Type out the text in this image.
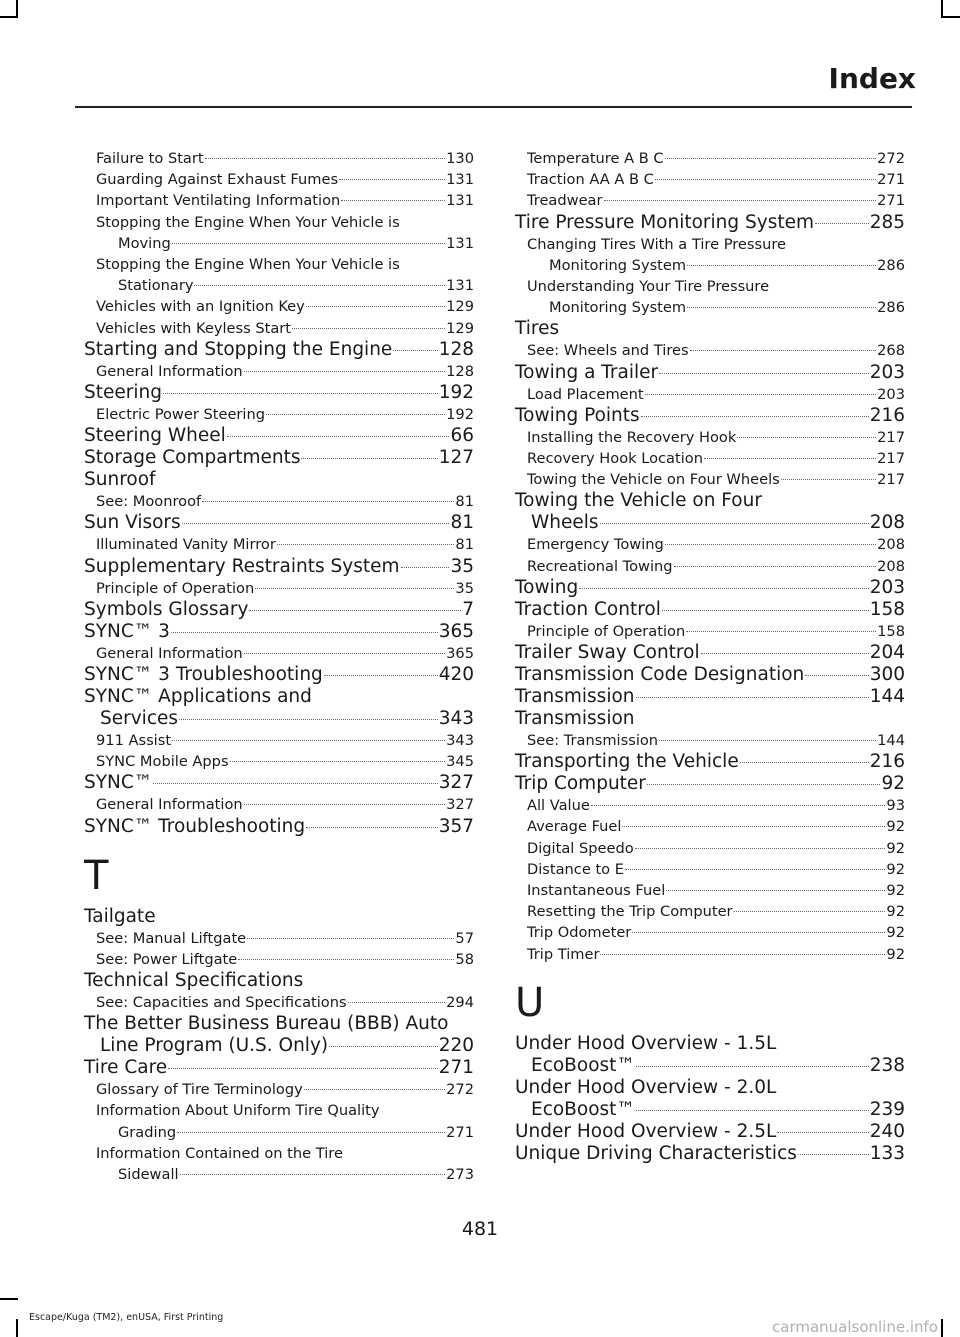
Index
Failure to Start	130
Guarding Against Exhaust Fumes	131
Important Ventilating Information	131
Stopping the Engine When Your Vehicle is
Moving	131
Stopping the Engine When Your Vehicle is
Stationary	131
Vehicles with an Ignition Key	129
Vehicles with Keyless Start	129
Starting and Stopping the Engine	128
General Information	128
Steering	192
Electric Power Steering	192
Steering Wheel	66
Storage Compartments	127
Sunroof
See: Moonroof	81
Sun Visors	81
Illuminated Vanity Mirror	81
Supplementary Restraints System	35
Principle of Operation	35
Symbols Glossary	7
SYNC™ 3	365
General Information	365
SYNC™ 3 Troubleshooting	420
SYNC™ Applications and
Services	343
911 Assist	343
SYNC Mobile Apps	345
SYNC™	327
General Information	327
SYNC™ Troubleshooting	357
T
Tailgate
See: Manual Liftgate	57
See: Power Liftgate	58
Technical Specifications
See: Capacities and Specifications	294
The Better Business Bureau (BBB) Auto
Line Program (U.S. Only)	220
Tire Care	271
Glossary of Tire Terminology	272
Information About Uniform Tire Quality
Grading	271
Information Contained on the Tire
Sidewall	273
Temperature A B C	272
Traction AA A B C	271
Treadwear	271
Tire Pressure Monitoring System	285
Changing Tires With a Tire Pressure
Monitoring System	286
Understanding Your Tire Pressure
Monitoring System	286
Tires
See: Wheels and Tires	268
Towing a Trailer	203
Load Placement	203
Towing Points	216
Installing the Recovery Hook	217
Recovery Hook Location	217
Towing the Vehicle on Four Wheels	217
Towing the Vehicle on Four
Wheels	208
Emergency Towing	208
Recreational Towing	208
Towing	203
Traction Control	158
Principle of Operation	158
Trailer Sway Control	204
Transmission Code Designation	300
Transmission	144
Transmission
See: Transmission	144
Transporting the Vehicle	216
Trip Computer	92
All Value	93
Average Fuel	92
Digital Speedo	92
Distance to E	92
Instantaneous Fuel	92
Resetting the Trip Computer	92
Trip Odometer	92
Trip Timer	92
U
Under Hood Overview - 1.5L
EcoBoost™	238
Under Hood Overview - 2.0L
EcoBoost™	239
Under Hood Overview - 2.5L	240
Unique Driving Characteristics	133
481
Escape/Kuga (TM2), enUSA, First Printing
carmanualsonline.info
